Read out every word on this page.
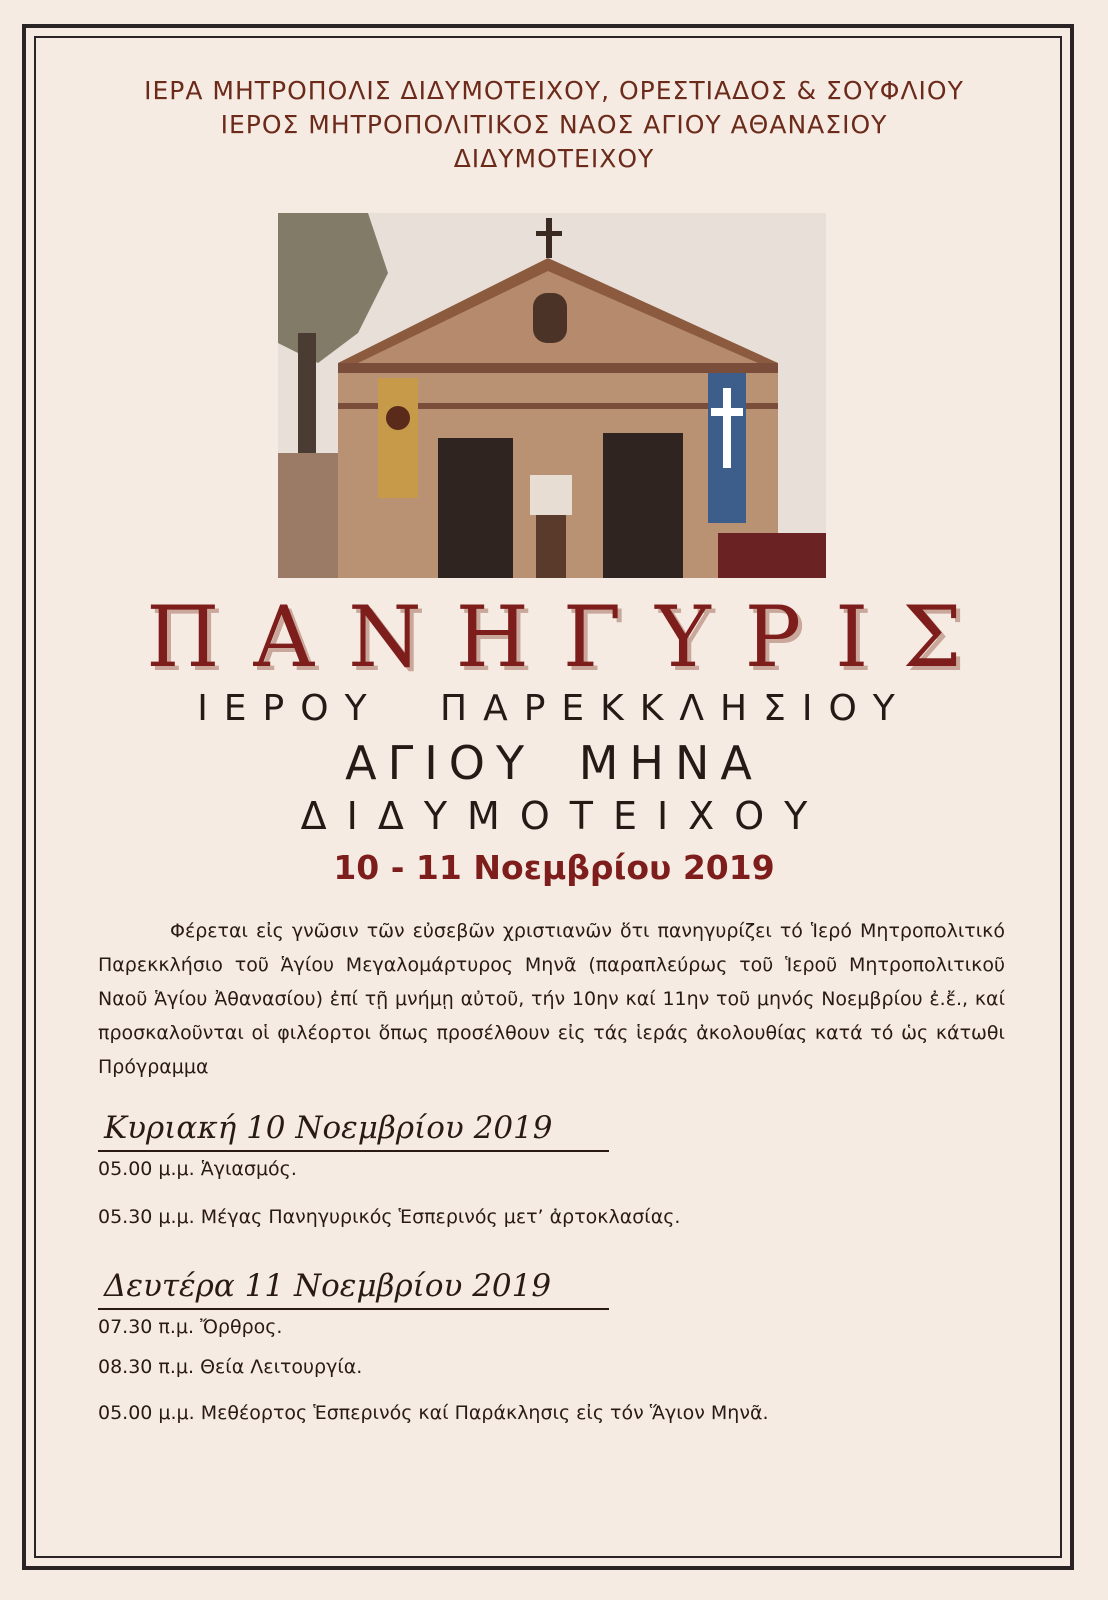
ΙΕΡΑ ΜΗΤΡΟΠΟΛΙΣ ΔΙΔΥΜΟΤΕΙΧΟΥ, ΟΡΕΣΤΙΑΔΟΣ & ΣΟΥΦΛΙΟΥ
ΙΕΡΟΣ ΜΗΤΡΟΠΟΛΙΤΙΚΟΣ ΝΑΟΣ ΑΓΙΟΥ ΑΘΑΝΑΣΙΟΥ
ΔΙΔΥΜΟΤΕΙΧΟΥ
ΠΑΝΗΓΥΡΙΣ
ΙΕΡΟΥ ΠΑΡΕΚΚΛΗΣΙΟΥ
ΑΓΙΟΥ ΜΗΝΑ
ΔΙΔΥΜΟΤΕΙΧΟΥ
10 - 11 Νοεμβρίου 2019
Φέρεται εἰς γνῶσιν τῶν εὐσεβῶν χριστιανῶν ὅτι πανηγυρίζει τό Ἱερό Μητροπολιτικό Παρεκκλήσιο τοῦ Ἁγίου Μεγαλομάρτυρος Μηνᾶ (παραπλεύρως τοῦ Ἱεροῦ Μητροπολιτικοῦ Ναοῦ Ἁγίου Ἀθανασίου) ἐπί τῇ μνήμῃ αὐτοῦ, τήν 10ην καί 11ην τοῦ μηνός Νοεμβρίου ἐ.ἔ., καί προσκαλοῦνται οἱ φιλέορτοι ὅπως προσέλθουν εἰς τάς ἱεράς ἀκολουθίας κατά τό ὡς κάτωθι Πρόγραμμα
Κυριακή 10 Νοεμβρίου 2019
05.00 μ.μ. Ἁγιασμός.
05.30 μ.μ. Μέγας Πανηγυρικός Ἑσπερινός μετ’ ἀρτοκλασίας.
Δευτέρα 11 Νοεμβρίου 2019
07.30 π.μ. Ὄρθρος.
08.30 π.μ. Θεία Λειτουργία.
05.00 μ.μ. Μεθέορτος Ἑσπερινός καί Παράκλησις εἰς τόν Ἅγιον Μηνᾶ.
